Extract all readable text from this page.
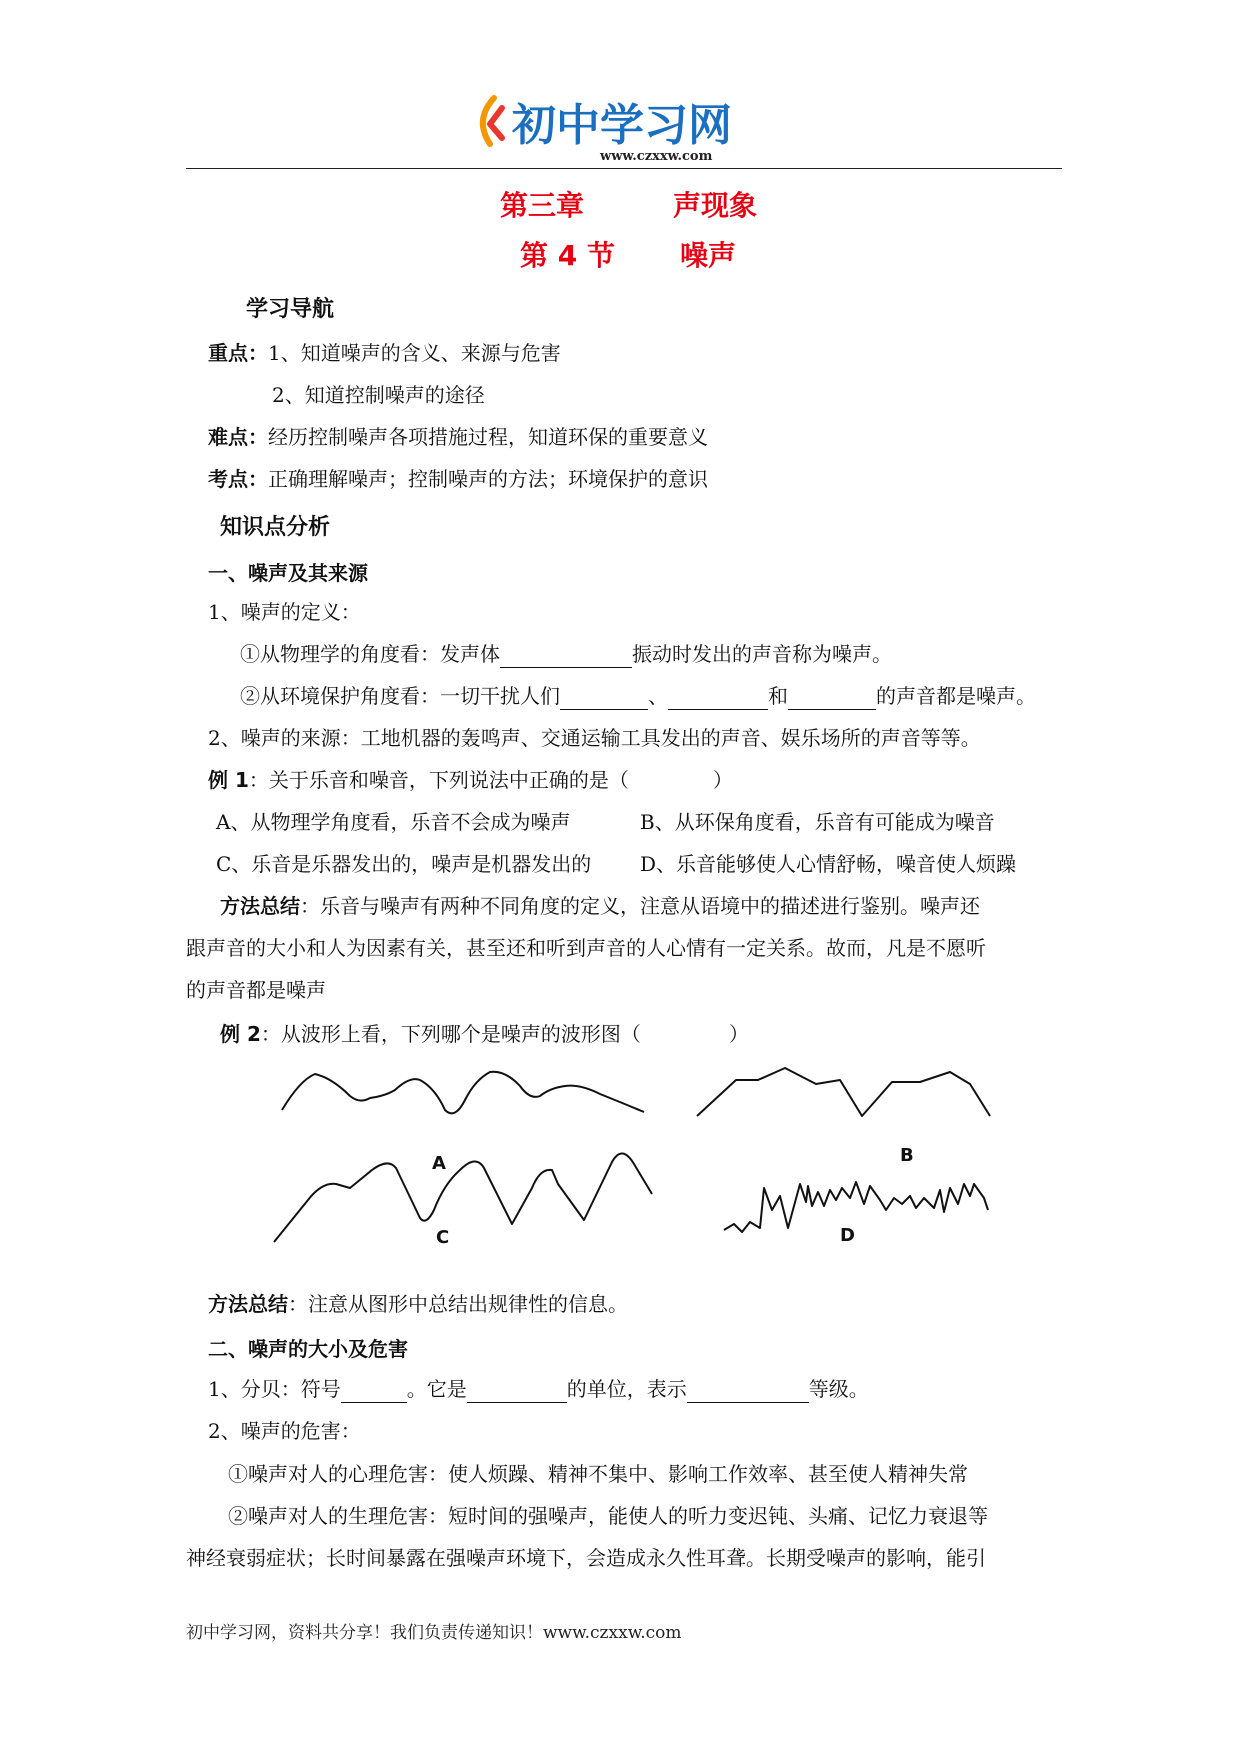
初中学习网
www.czxxw.com
第三章	声现象
第 4 节 噪声
学习导航
重点：1、知道噪声的含义、来源与危害
2、知道控制噪声的途径
难点：经历控制噪声各项措施过程，知道环保的重要意义
考点：正确理解噪声；控制噪声的方法；环境保护的意识
知识点分析
一、噪声及其来源
1、噪声的定义：
①从物理学的角度看：发声体	振动时发出的声音称为噪声。
②从环境保护角度看：一切干扰人们	、	和	的声音都是噪声。
2、噪声的来源：工地机器的轰鸣声、交通运输工具发出的声音、娱乐场所的声音等等。
例 1：关于乐音和噪音，下列说法中正确的是（	）
A、从物理学角度看，乐音不会成为噪声	B、从环保角度看，乐音有可能成为噪音
C、乐音是乐器发出的，噪声是机器发出的 D、乐音能够使人心情舒畅，噪音使人烦躁
方法总结：乐音与噪声有两种不同角度的定义，注意从语境中的描述进行鉴别。噪声还
跟声音的大小和人为因素有关，甚至还和听到声音的人心情有一定关系。故而，凡是不愿听
的声音都是噪声
例 2：从波形上看，下列哪个是噪声的波形图（	）
A	B
C	D
方法总结：注意从图形中总结出规律性的信息。
二、噪声的大小及危害
1、分贝：符号	。它是	的单位，表示	等级。
2、噪声的危害：
①噪声对人的心理危害：使人烦躁、精神不集中、影响工作效率、甚至使人精神失常
②噪声对人的生理危害：短时间的强噪声，能使人的听力变迟钝、头痛、记忆力衰退等
神经衰弱症状；长时间暴露在强噪声环境下，会造成永久性耳聋。长期受噪声的影响，能引
初中学习网，资料共分享！我们负责传递知识！www.czxxw.com
